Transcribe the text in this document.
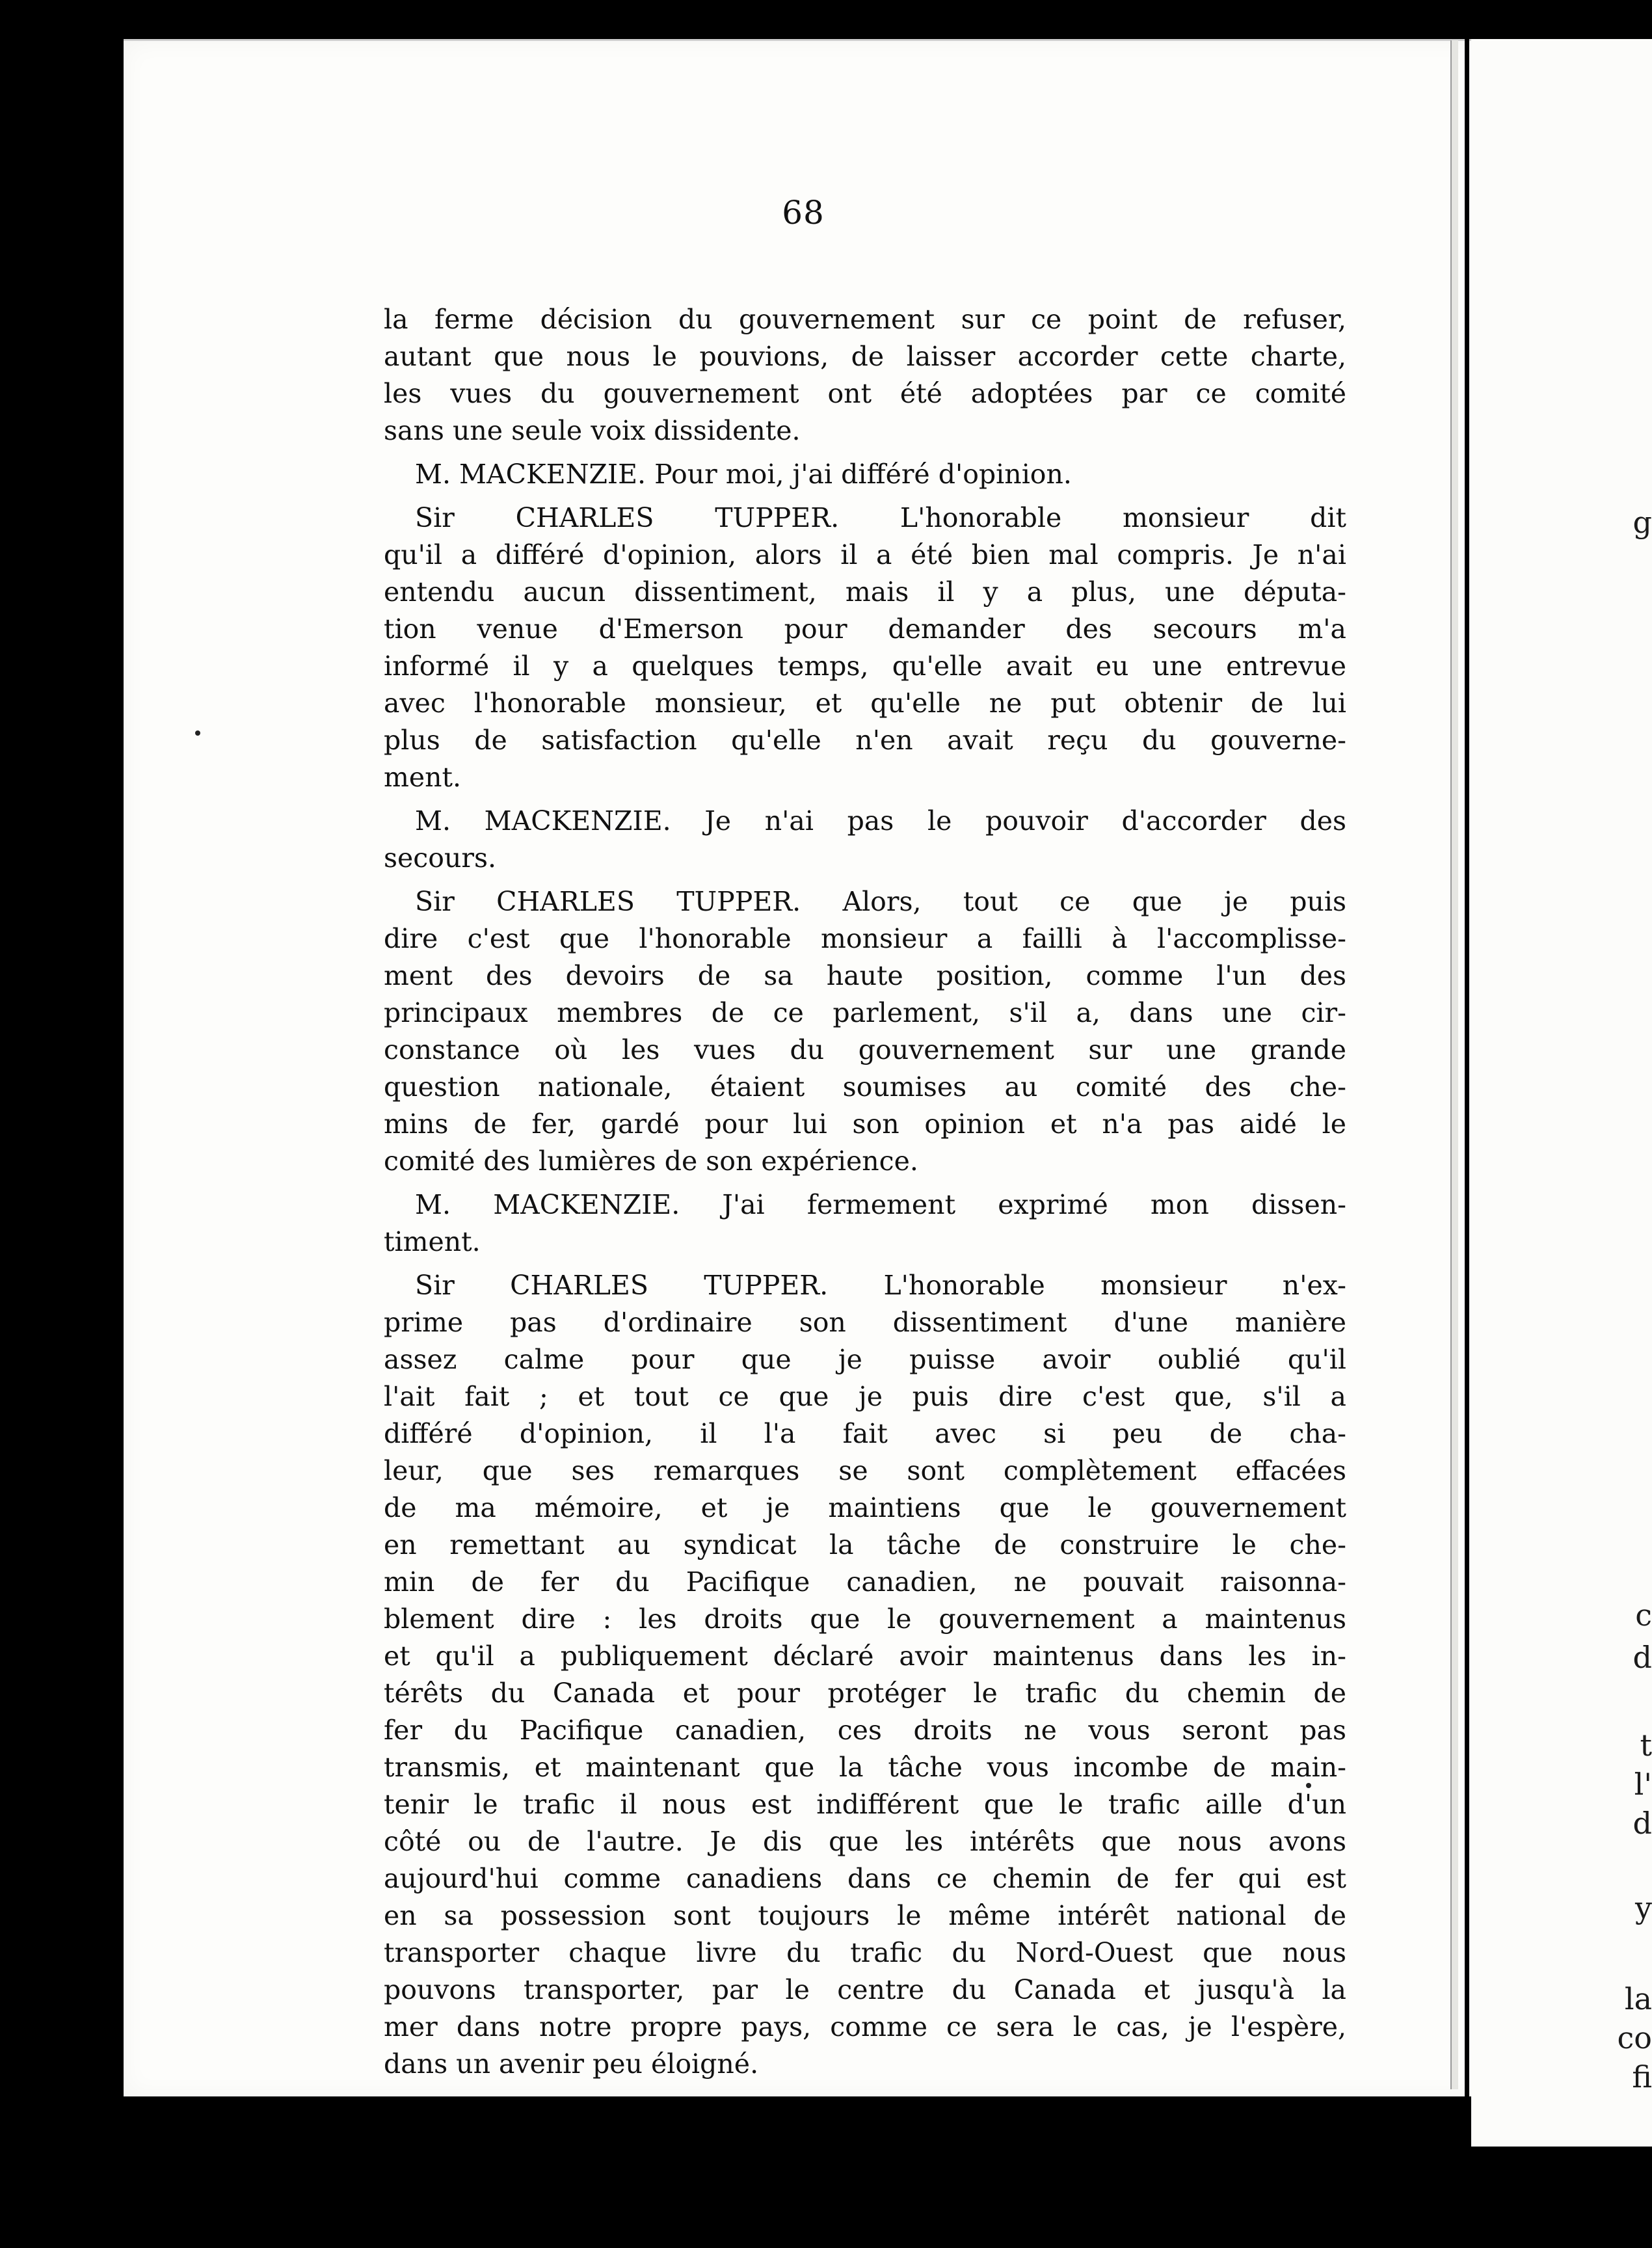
68
la ferme décision du gouvernement sur ce point de refuser,
autant que nous le pouvions, de laisser accorder cette charte,
les vues du gouvernement ont été adoptées par ce comité
sans une seule voix dissidente.
M. MACKENZIE. Pour moi, j'ai différé d'opinion.
Sir CHARLES TUPPER. L'honorable monsieur dit
qu'il a différé d'opinion, alors il a été bien mal compris. Je n'ai
entendu aucun dissentiment, mais il y a plus, une députa-
tion venue d'Emerson pour demander des secours m'a
informé il y a quelques temps, qu'elle avait eu une entrevue
avec l'honorable monsieur, et qu'elle ne put obtenir de lui
plus de satisfaction qu'elle n'en avait reçu du gouverne-
ment.
M. MACKENZIE. Je n'ai pas le pouvoir d'accorder des
secours.
Sir CHARLES TUPPER. Alors, tout ce que je puis
dire c'est que l'honorable monsieur a failli à l'accomplisse-
ment des devoirs de sa haute position, comme l'un des
principaux membres de ce parlement, s'il a, dans une cir-
constance où les vues du gouvernement sur une grande
question nationale, étaient soumises au comité des che-
mins de fer, gardé pour lui son opinion et n'a pas aidé le
comité des lumières de son expérience.
M. MACKENZIE. J'ai fermement exprimé mon dissen-
timent.
Sir CHARLES TUPPER. L'honorable monsieur n'ex-
prime pas d'ordinaire son dissentiment d'une manière
assez calme pour que je puisse avoir oublié qu'il
l'ait fait ; et tout ce que je puis dire c'est que, s'il a
différé d'opinion, il l'a fait avec si peu de cha-
leur, que ses remarques se sont complètement effacées
de ma mémoire, et je maintiens que le gouvernement
en remettant au syndicat la tâche de construire le che-
min de fer du Pacifique canadien, ne pouvait raisonna-
blement dire : les droits que le gouvernement a maintenus
et qu'il a publiquement déclaré avoir maintenus dans les in-
térêts du Canada et pour protéger le trafic du chemin de
fer du Pacifique canadien, ces droits ne vous seront pas
transmis, et maintenant que la tâche vous incombe de main-
tenir le trafic il nous est indifférent que le trafic aille d'un
côté ou de l'autre. Je dis que les intérêts que nous avons
aujourd'hui comme canadiens dans ce chemin de fer qui est
en sa possession sont toujours le même intérêt national de
transporter chaque livre du trafic du Nord-Ouest que nous
pouvons transporter, par le centre du Canada et jusqu'à la
mer dans notre propre pays, comme ce sera le cas, je l'espère,
dans un avenir peu éloigné.
g
c
d
t
l'
d
y
la
co
fi
